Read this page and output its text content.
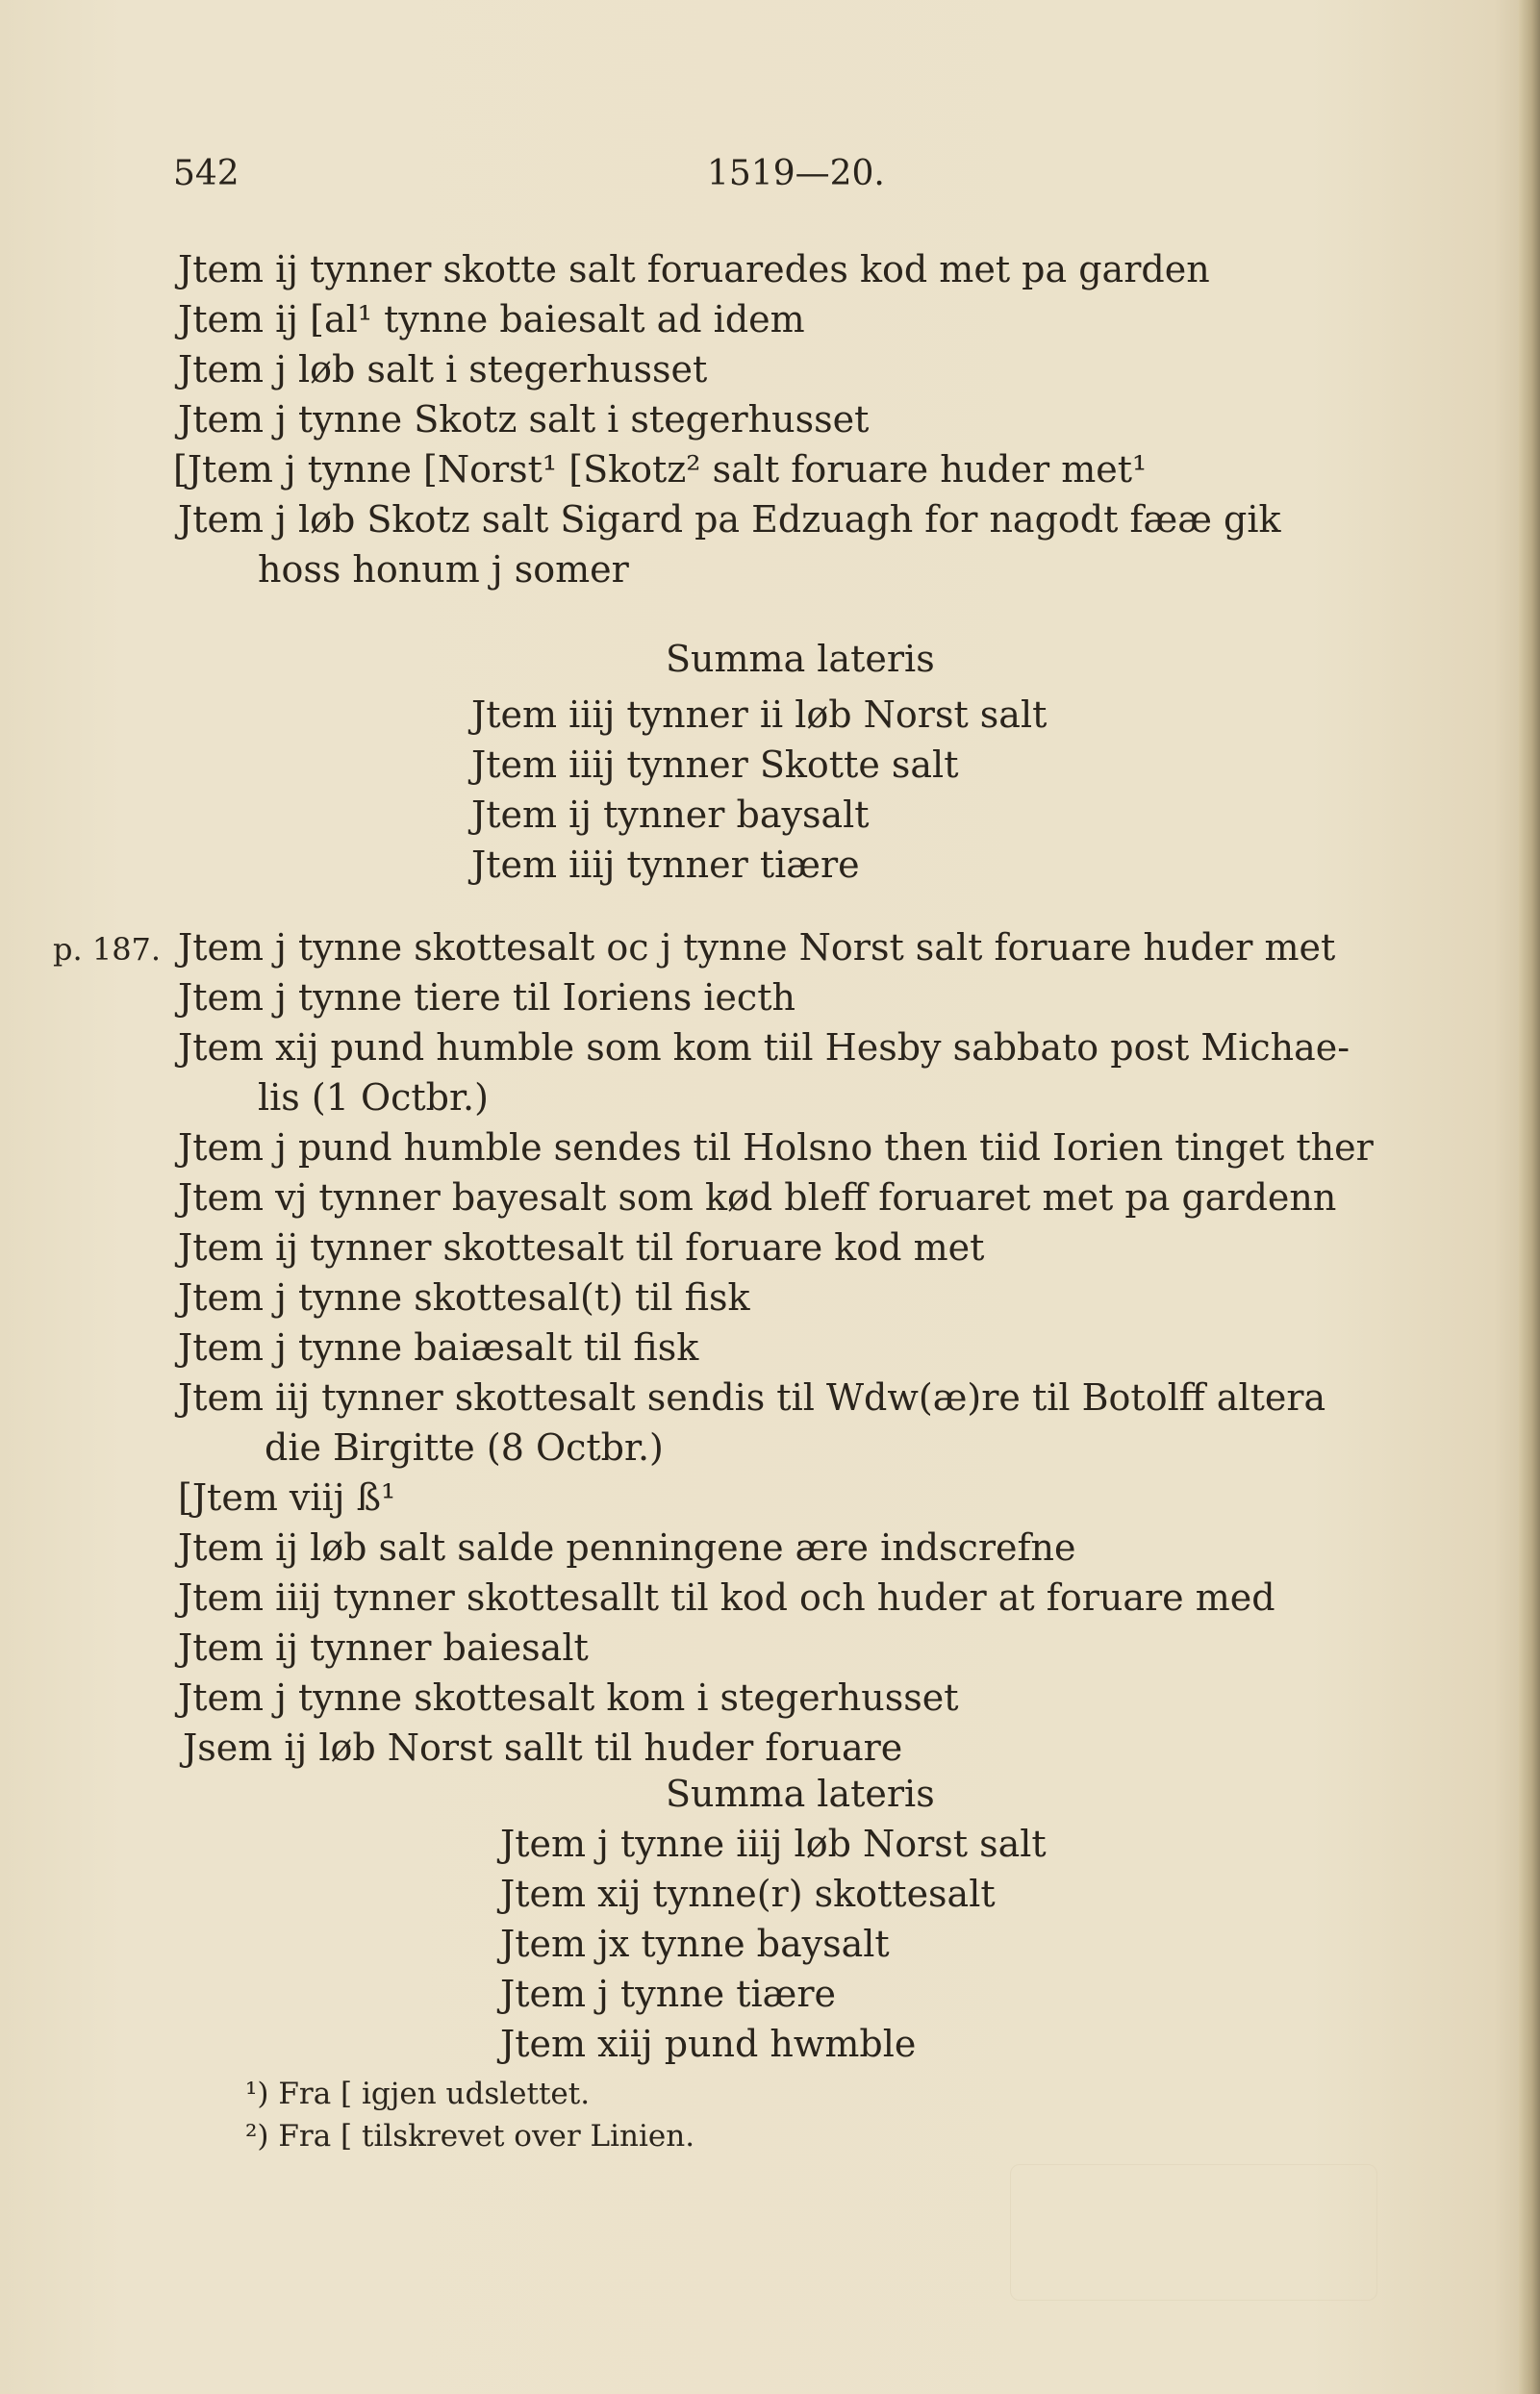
542	1519—20.
Jtem ij tynner skotte salt foruaredes kod met pa garden
Jtem ij [al¹ tynne baiesalt ad idem
Jtem j løb salt i stegerhusset
Jtem j tynne Skotz salt i stegerhusset
[Jtem j tynne [Norst¹ [Skotz² salt foruare huder met¹
Jtem j løb Skotz salt Sigard pa Edzuagh for nagodt fææ gik
hoss honum j somer
Summa lateris
Jtem iiij tynner ii løb Norst salt
Jtem iiij tynner Skotte salt
Jtem ij tynner baysalt
Jtem iiij tynner tiære
p. 187. Jtem j tynne skottesalt oc j tynne Norst salt foruare huder met
Jtem j tynne tiere til Ioriens iecth
Jtem xij pund humble som kom tiil Hesby sabbato post Michae-
lis (1 Octbr.)
Jtem j pund humble sendes til Holsno then tiid Iorien tinget ther
Jtem vj tynner bayesalt som kød bleff foruaret met pa gardenn
Jtem ij tynner skottesalt til foruare kod met
Jtem j tynne skottesal(t) til fisk
Jtem j tynne baiæsalt til fisk
Jtem iij tynner skottesalt sendis til Wdw(æ)re til Botolff altera
die Birgitte (8 Octbr.)
[Jtem viij ß¹
Jtem ij løb salt salde penningene ære indscrefne
Jtem iiij tynner skottesallt til kod och huder at foruare med
Jtem ij tynner baiesalt
Jtem j tynne skottesalt kom i stegerhusset
Jsem ij løb Norst sallt til huder foruare
Summa lateris
Jtem j tynne iiij løb Norst salt
Jtem xij tynne(r) skottesalt
Jtem jx tynne baysalt
Jtem j tynne tiære
Jtem xiij pund hwmble
¹) Fra [ igjen udslettet.
²) Fra [ tilskrevet over Linien.
